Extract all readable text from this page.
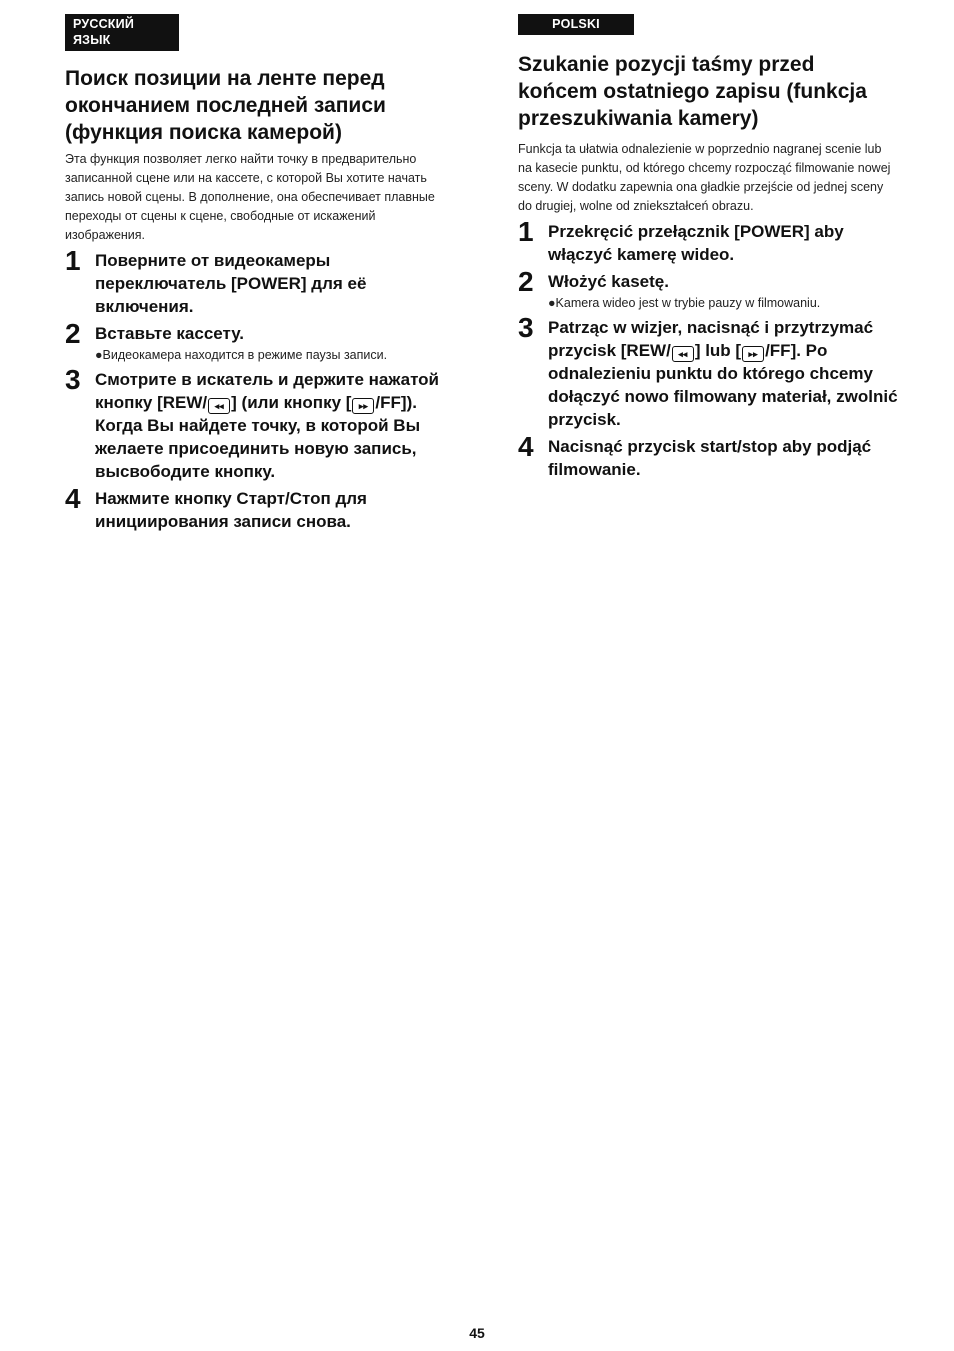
РУССКИЙ ЯЗЫК
Поиск позиции на ленте перед окончанием последней записи (функция поиска камерой)

Эта функция позволяет легко найти точку в предварительно записанной сцене или на кассете, с которой Вы хотите начать запись новой сцены. В дополнение, она обеспечивает плавные переходы от сцены к сцене, свободные от искажений изображения.

1 Поверните от видеокамеры переключатель [POWER] для её включения.
2 Вставьте кассету.
●Видеокамера находится в режиме паузы записи.
3 Смотрите в искатель и держите нажатой кнопку [REW/ ◂◂ ] (или кнопку [ ▸▸ /FF]). Когда Вы найдете точку, в которой Вы желаете присоединить новую запись, высвободите кнопку.
4 Нажмите кнопку Старт/Стоп для инициирования записи снова.
POLSKI
Szukanie pozycji taśmy przed końcem ostatniego zapisu (funkcja przeszukiwania kamery)

Funkcja ta ułatwia odnalezienie w poprzednio nagranej scenie lub na kasecie punktu, od którego chcemy rozpocząć filmowanie nowej sceny. W dodatku zapewnia ona gładkie przejście od jednej sceny do drugiej, wolne od zniekształceń obrazu.

1 Przekręcić przełącznik [POWER] aby włączyć kamerę wideo.
2 Włożyć kasetę.
●Kamera wideo jest w trybie pauzy w filmowaniu.
3 Patrząc w wizjer, nacisnąć i przytrzymać przycisk [REW/ ◂◂ ] lub [ ▸▸ /FF]. Po odnalezieniu punktu do którego chcemy dołączyć nowo filmowany materiał, zwolnić przycisk.
4 Nacisnąć przycisk start/stop aby podjąć filmowanie.
45
